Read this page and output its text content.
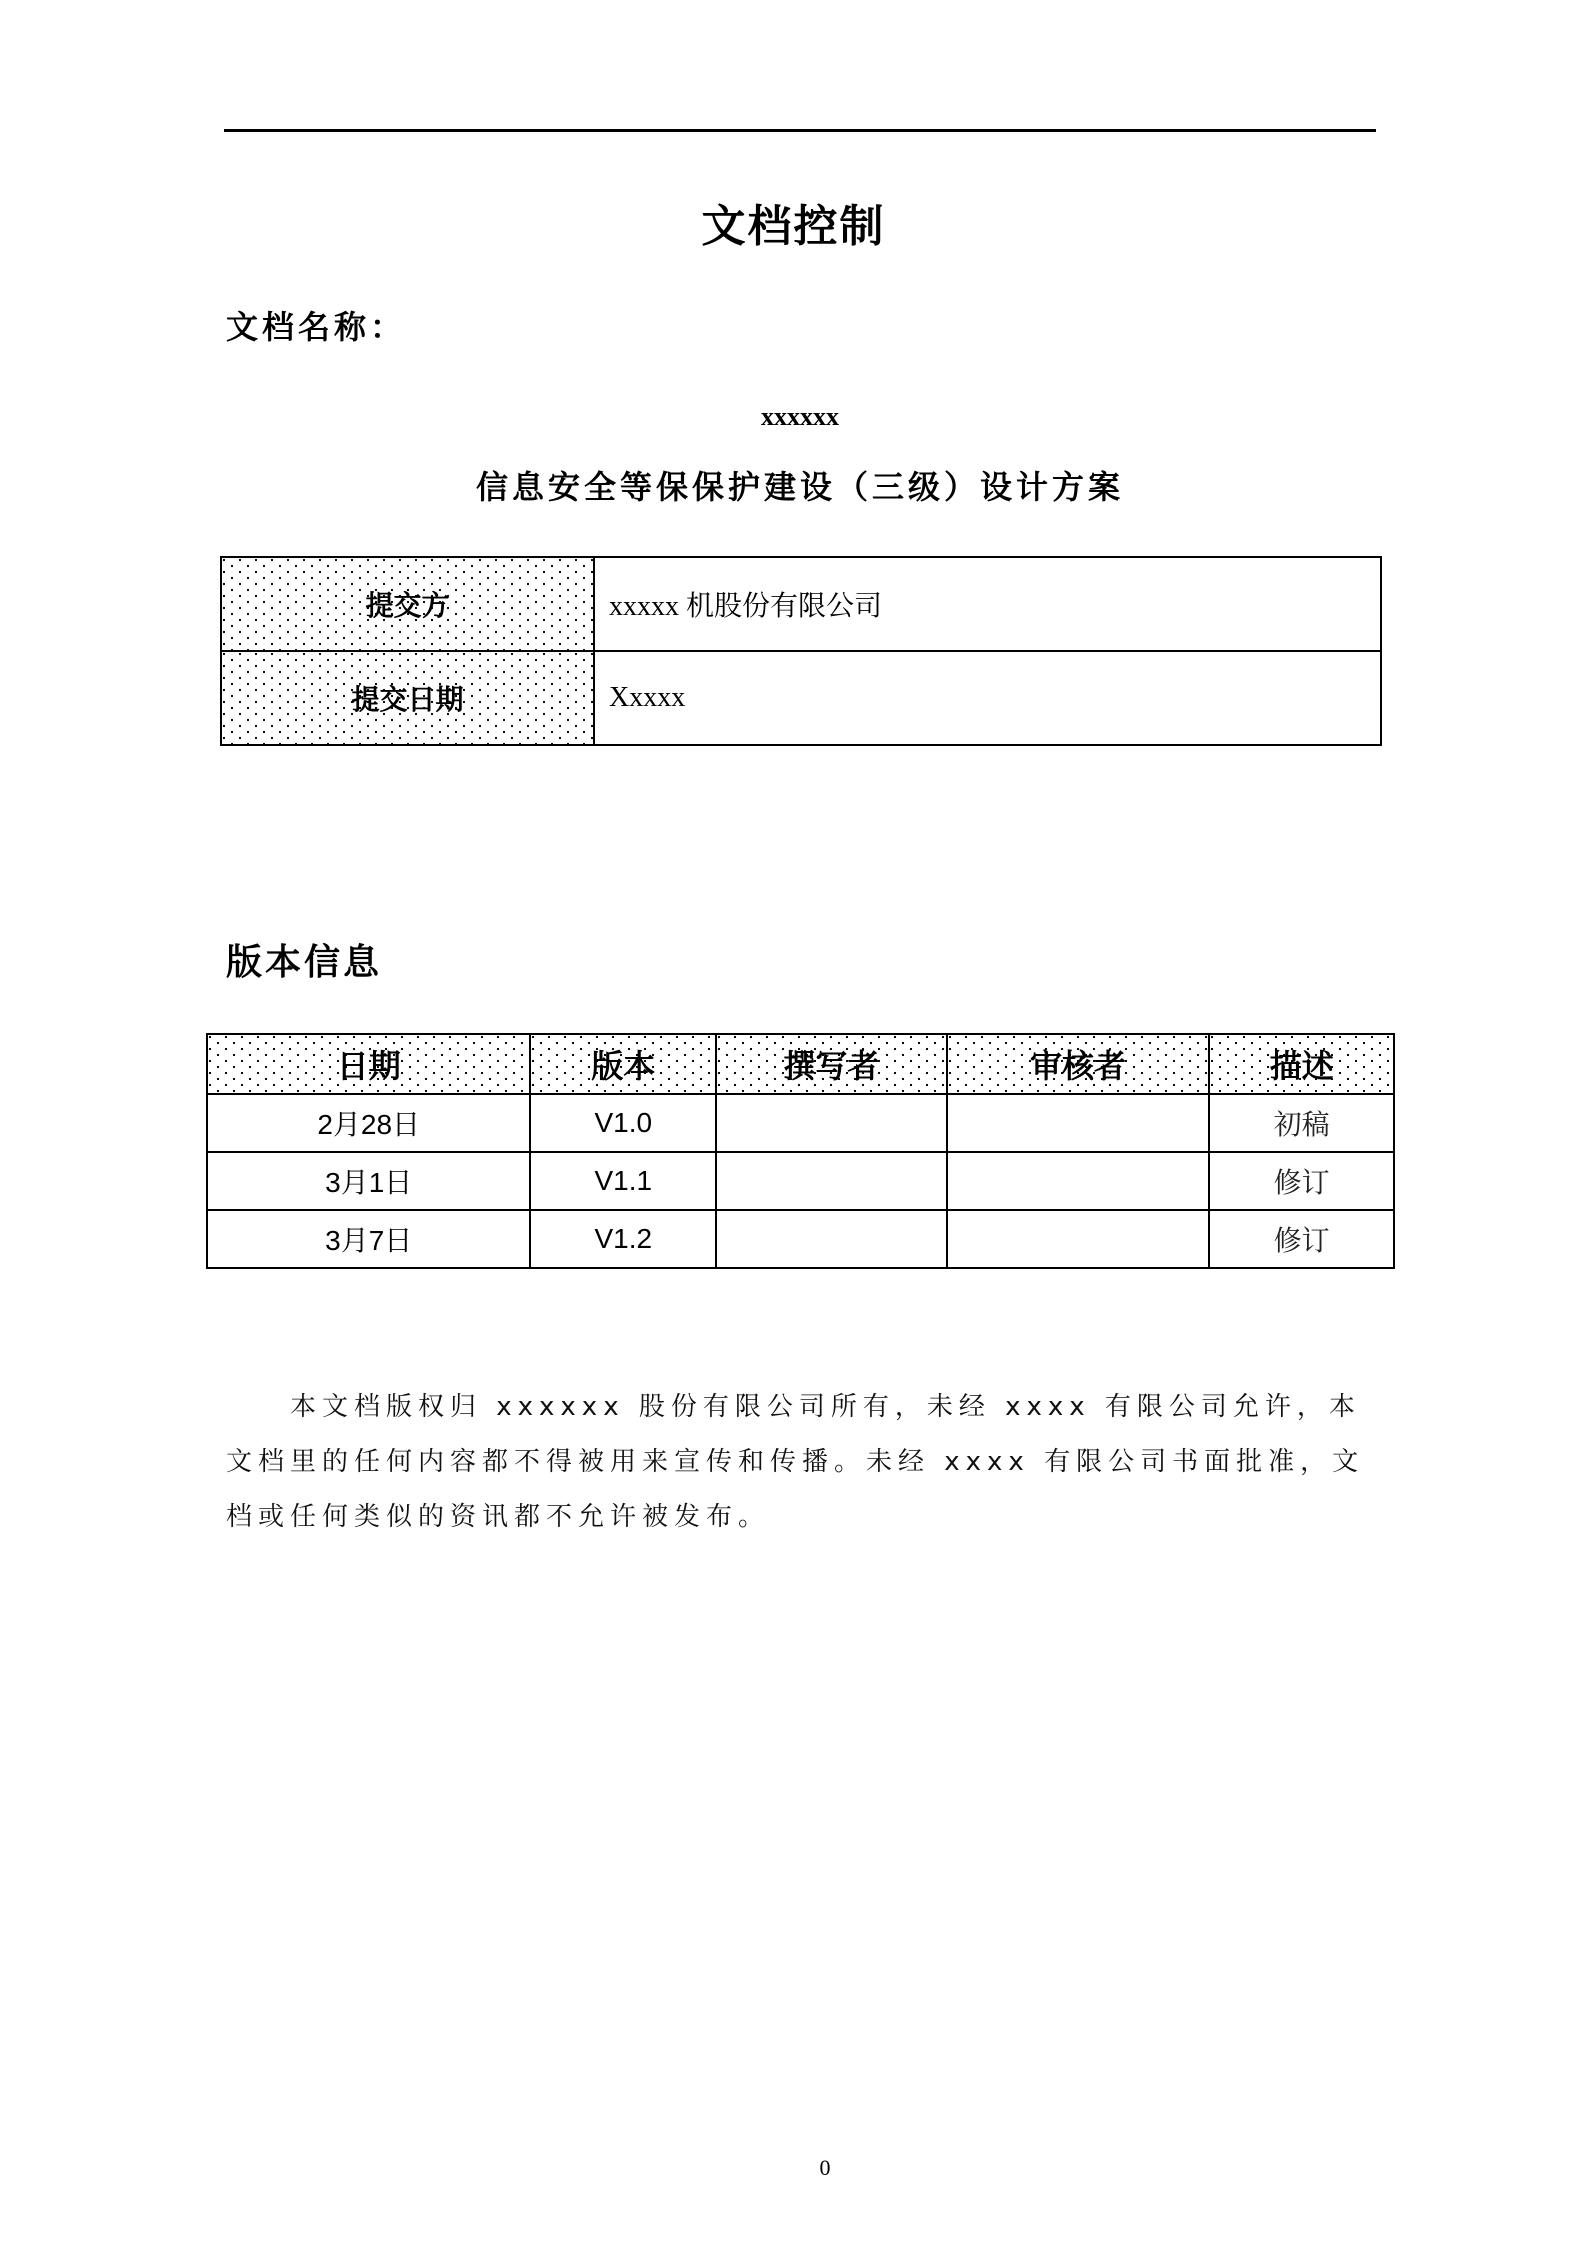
文档控制
文档名称：
xxxxxx
信息安全等保保护建设（三级）设计方案
提交方	xxxxx 机股份有限公司
提交日期	Xxxxx
版本信息
日期	版本	撰写者	审核者	描述
2月28日	V1.0			初稿
3月1日	V1.1			修订
3月7日	V1.2			修订

本文档版权归 xxxxxx 股份有限公司所有，未经 xxxx 有限公司允许，本文档里的任何内容都不得被用来宣传和传播。未经 xxxx 有限公司书面批准，文档或任何类似的资讯都不允许被发布。

0
